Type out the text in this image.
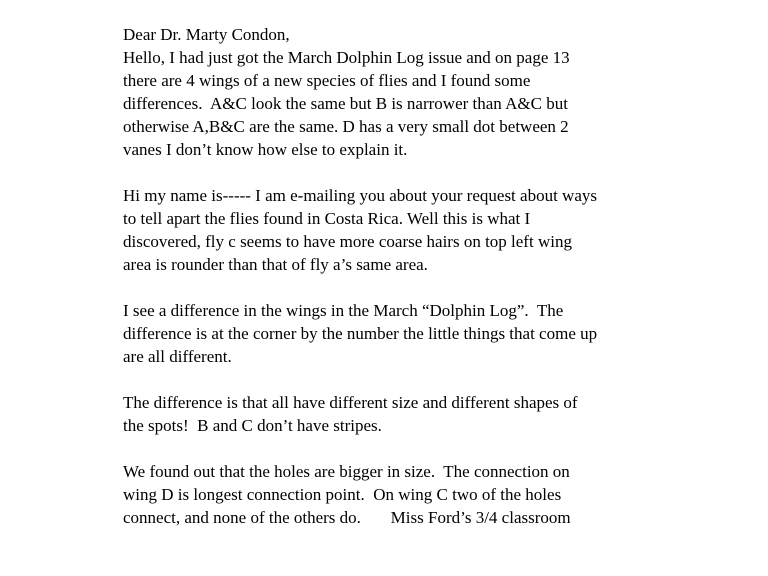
Dear Dr. Marty Condon,
Hello, I had just got the March Dolphin Log issue and on page 13
there are 4 wings of a new species of flies and I found some
differences.  A&C look the same but B is narrower than A&C but
otherwise A,B&C are the same. D has a very small dot between 2
vanes I don’t know how else to explain it.
Hi my name is----- I am e-mailing you about your request about ways
to tell apart the flies found in Costa Rica. Well this is what I
discovered, fly c seems to have more coarse hairs on top left wing
area is rounder than that of fly a’s same area.
I see a difference in the wings in the March “Dolphin Log”.  The
difference is at the corner by the number the little things that come up
are all different.
The difference is that all have different size and different shapes of
the spots!  B and C don’t have stripes.
We found out that the holes are bigger in size.  The connection on
wing D is longest connection point.  On wing C two of the holes
connect, and none of the others do.       Miss Ford’s 3/4 classroom
